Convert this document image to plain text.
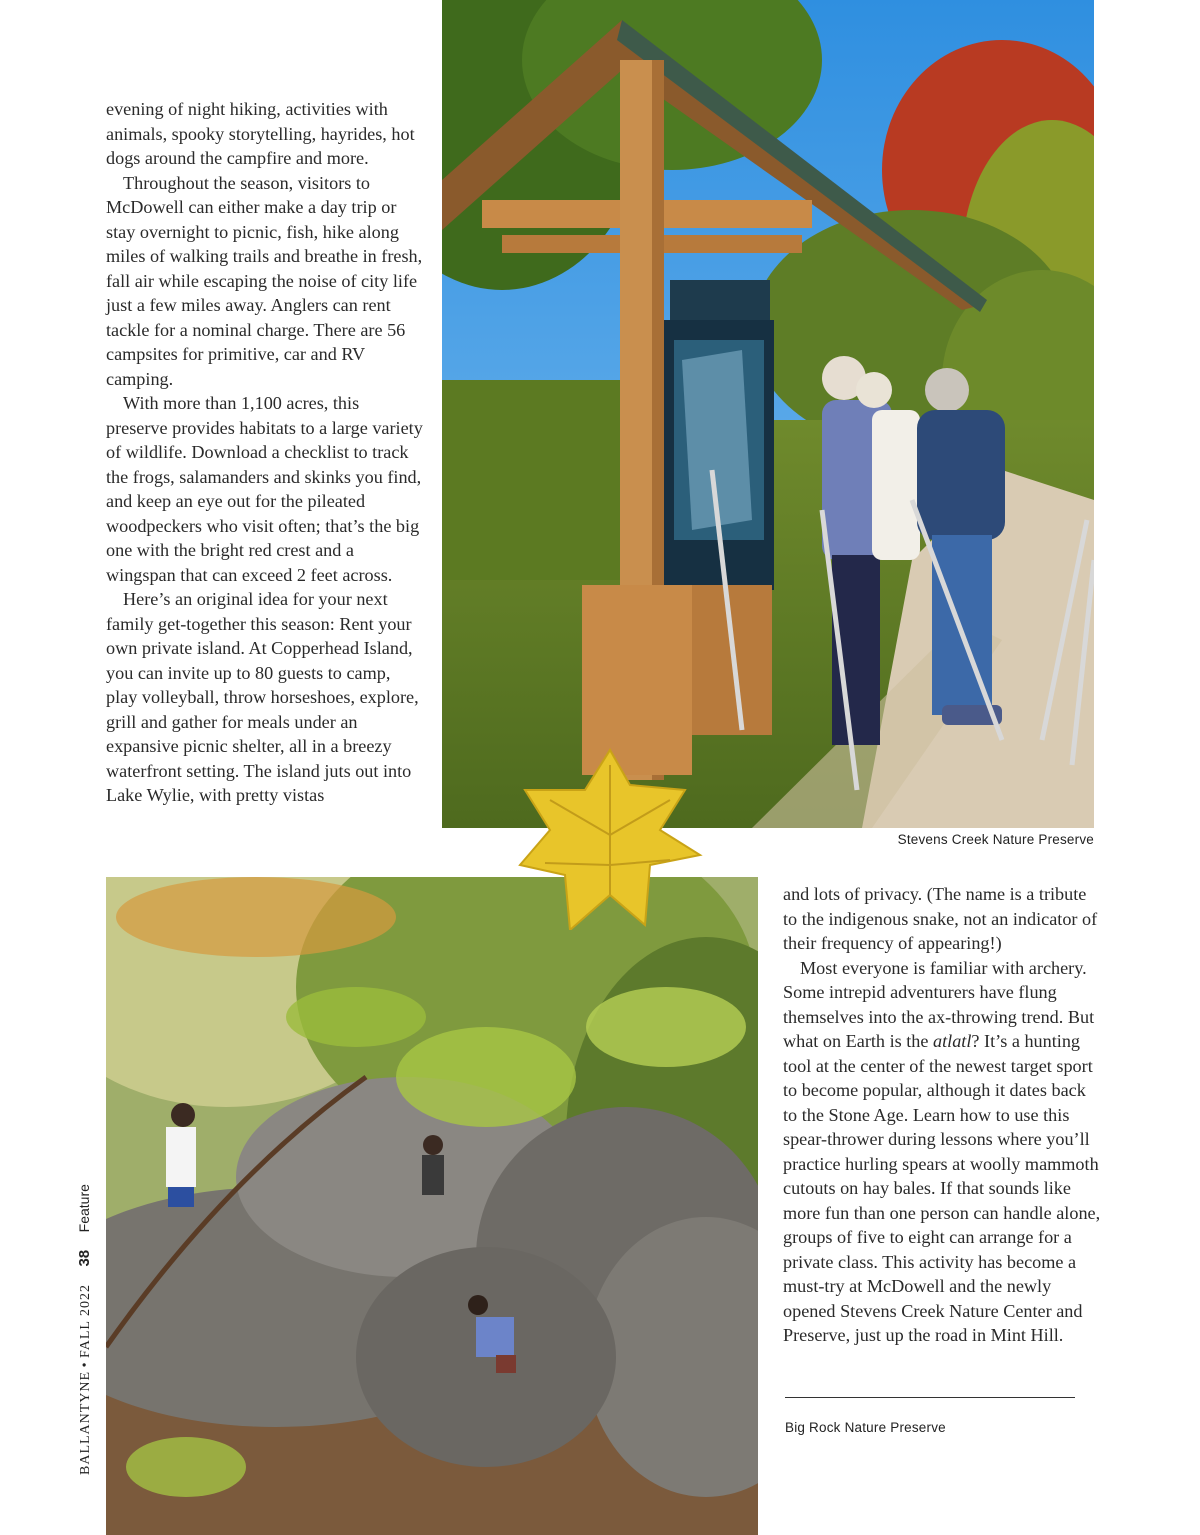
evening of night hiking, activities with animals, spooky storytelling, hayrides, hot dogs around the campfire and more.

Throughout the season, visitors to McDowell can either make a day trip or stay overnight to picnic, fish, hike along miles of walking trails and breathe in fresh, fall air while escaping the noise of city life just a few miles away. Anglers can rent tackle for a nominal charge. There are 56 campsites for primitive, car and RV camping.

With more than 1,100 acres, this preserve provides habitats to a large variety of wildlife. Download a checklist to track the frogs, salamanders and skinks you find, and keep an eye out for the pileated woodpeckers who visit often; that’s the big one with the bright red crest and a wingspan that can exceed 2 feet across.

Here’s an original idea for your next family get-together this season: Rent your own private island. At Copperhead Island, you can invite up to 80 guests to camp, play volleyball, throw horseshoes, explore, grill and gather for meals under an expansive picnic shelter, all in a breezy waterfront setting. The island juts out into Lake Wylie, with pretty vistas

Stevens Creek Nature Preserve

and lots of privacy. (The name is a tribute to the indigenous snake, not an indicator of their frequency of appearing!)

Most everyone is familiar with archery. Some intrepid adventurers have flung themselves into the ax-throwing trend. But what on Earth is the atlatl? It’s a hunting tool at the center of the newest target sport to become popular, although it dates back to the Stone Age. Learn how to use this spear-thrower during lessons where you’ll practice hurling spears at woolly mammoth cutouts on hay bales. If that sounds like more fun than one person can handle alone, groups of five to eight can arrange for a private class. This activity has become a must-try at McDowell and the newly opened Stevens Creek Nature Center and Preserve, just up the road in Mint Hill.

Big Rock Nature Preserve
BALLANTYNE • FALL 2022 38 Feature
